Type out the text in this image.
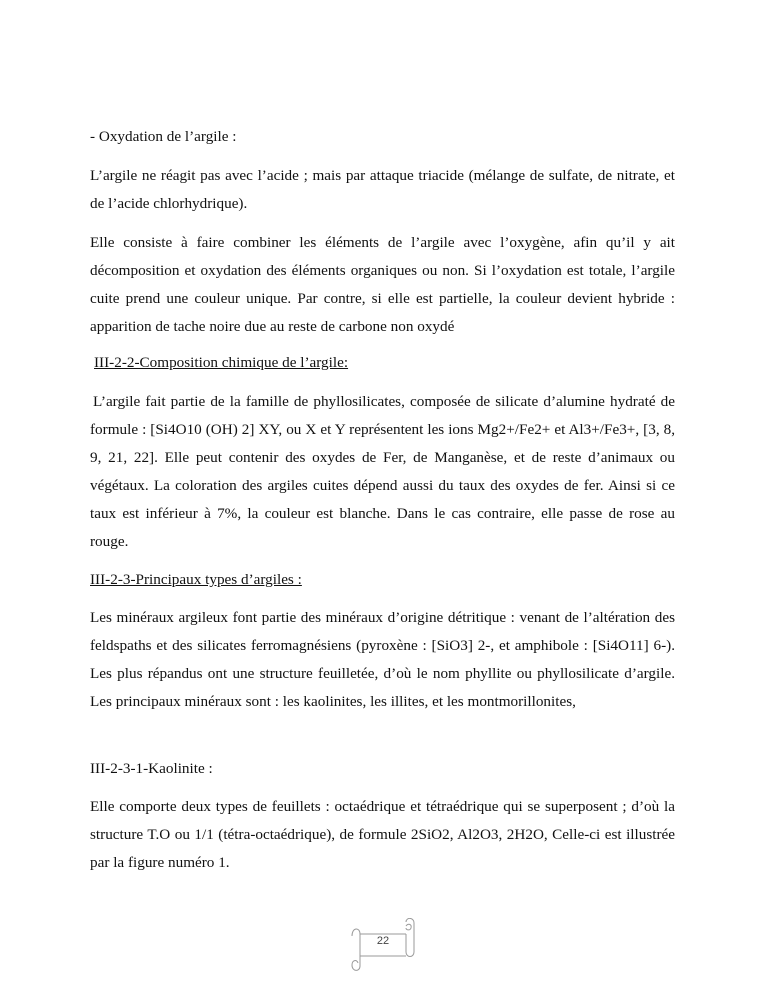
- Oxydation de l’argile :

L’argile ne réagit pas avec l’acide ; mais par attaque triacide (mélange de sulfate, de nitrate, et de l’acide chlorhydrique).

Elle consiste à faire combiner les éléments de l’argile avec l’oxygène, afin qu’il y ait décomposition et oxydation des éléments organiques ou non. Si l’oxydation est totale, l’argile cuite prend une couleur unique. Par contre, si elle est partielle, la couleur devient hybride : apparition de tache noire due au reste de carbone non oxydé

III-2-2-Composition chimique de l’argile:

L’argile fait partie de la famille de phyllosilicates, composée de silicate d’alumine hydraté de formule : [Si4O10 (OH) 2] XY, ou X et Y représentent les ions Mg2+/Fe2+ et Al3+/Fe3+, [3, 8, 9, 21, 22]. Elle peut contenir des oxydes de Fer, de Manganèse, et de reste d’animaux ou végétaux. La coloration des argiles cuites dépend aussi du taux des oxydes de fer. Ainsi si ce taux est inférieur à 7%, la couleur est blanche. Dans le cas contraire, elle passe de rose au rouge.

III-2-3-Principaux types d’argiles :

Les minéraux argileux font partie des minéraux d’origine détritique : venant de l’altération des feldspaths et des silicates ferromagnésiens (pyroxène : [SiO3] 2-, et amphibole : [Si4O11] 6-). Les plus répandus ont une structure feuilletée, d’où le nom phyllite ou phyllosilicate d’argile. Les principaux minéraux sont : les kaolinites, les illites, et les montmorillonites,

III-2-3-1-Kaolinite :

Elle comporte deux types de feuillets : octaédrique et tétraédrique qui se superposent ; d’où la structure T.O ou 1/1 (tétra-octaédrique), de formule 2SiO2, Al2O3, 2H2O, Celle-ci est illustrée par la figure numéro 1.

22
